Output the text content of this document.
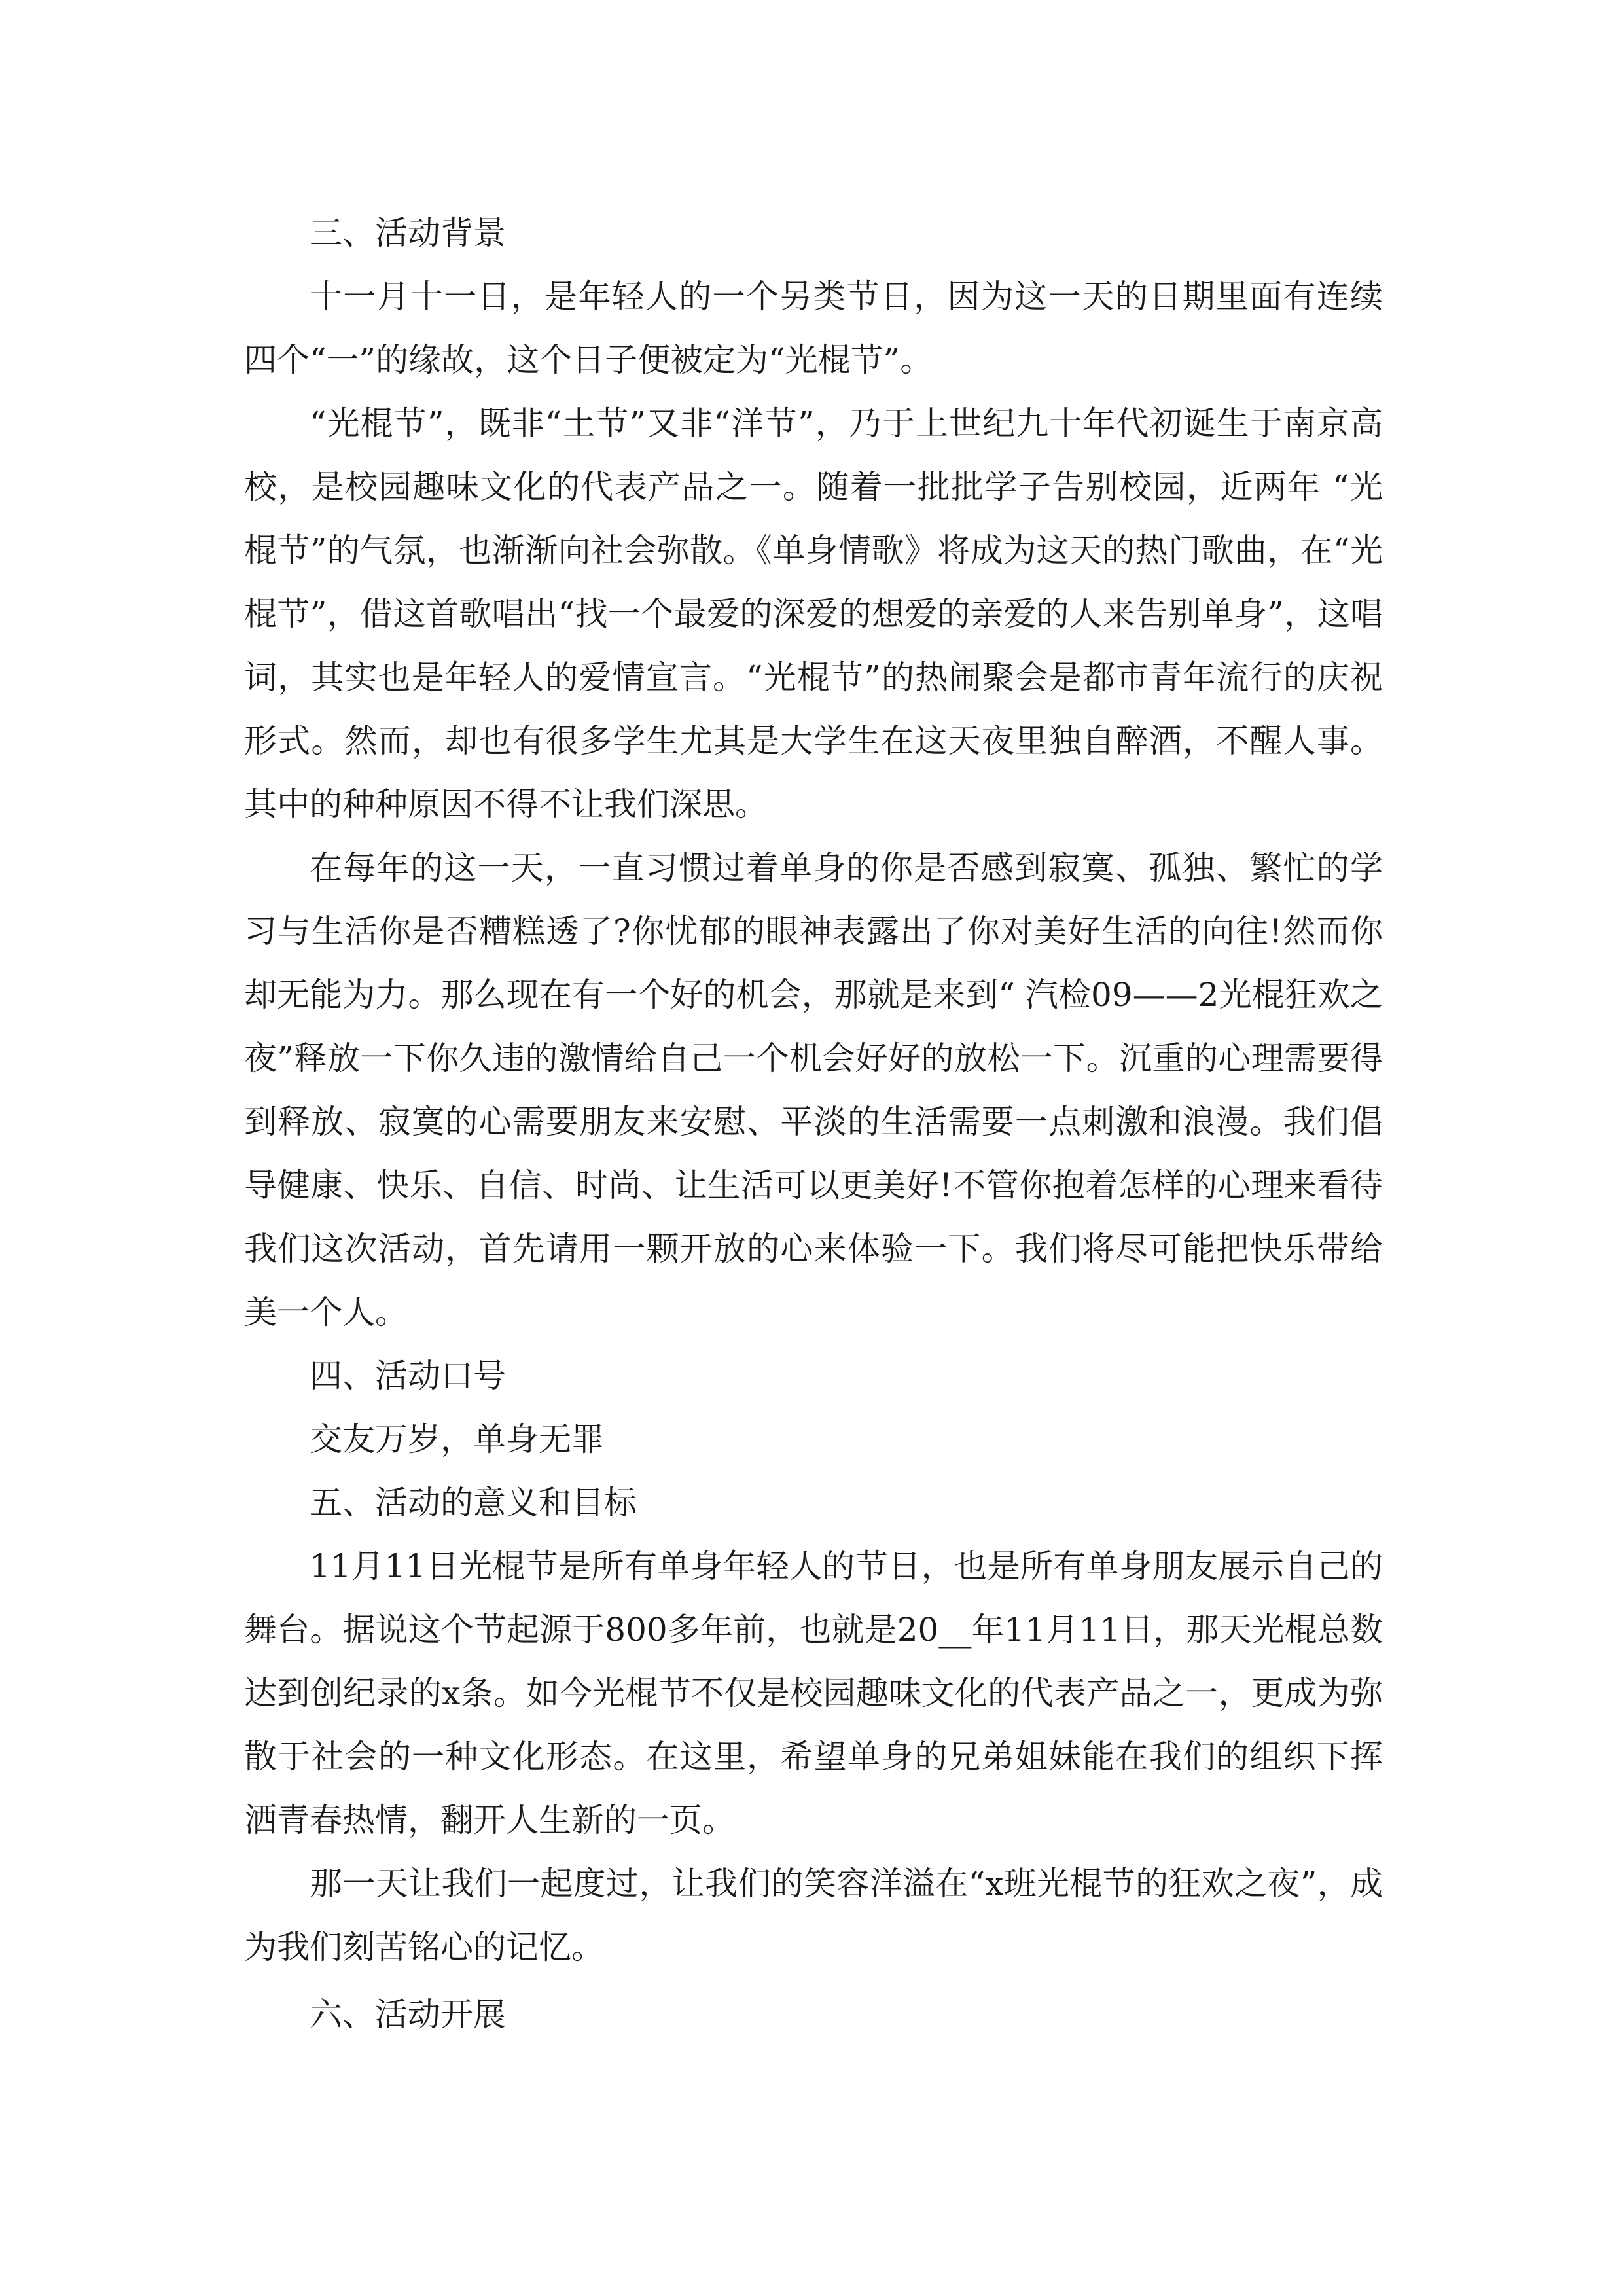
三、活动背景

十一月十一日，是年轻人的一个另类节日，因为这一天的日期里面有连续四个“一”的缘故，这个日子便被定为“光棍节”。

“光棍节”，既非“土节”又非“洋节”，乃于上世纪九十年代初诞生于南京高校，是校园趣味文化的代表产品之一。随着一批批学子告别校园，近两年 “光棍节”的气氛，也渐渐向社会弥散。《单身情歌》将成为这天的热门歌曲，在“光棍节”，借这首歌唱出“找一个最爱的深爱的想爱的亲爱的人来告别单身”，这唱词，其实也是年轻人的爱情宣言。“光棍节”的热闹聚会是都市青年流行的庆祝形式。然而，却也有很多学生尤其是大学生在这天夜里独自醉酒，不醒人事。其中的种种原因不得不让我们深思。

在每年的这一天，一直习惯过着单身的你是否感到寂寞、孤独、繁忙的学习与生活你是否糟糕透了?你忧郁的眼神表露出了你对美好生活的向往!然而你却无能为力。那么现在有一个好的机会，那就是来到“ 汽检09——2光棍狂欢之夜”释放一下你久违的激情给自己一个机会好好的放松一下。沉重的心理需要得到释放、寂寞的心需要朋友来安慰、平淡的生活需要一点刺激和浪漫。我们倡导健康、快乐、自信、时尚、让生活可以更美好!不管你抱着怎样的心理来看待我们这次活动，首先请用一颗开放的心来体验一下。我们将尽可能把快乐带给美一个人。

四、活动口号

交友万岁，单身无罪

五、活动的意义和目标

11月11日光棍节是所有单身年轻人的节日，也是所有单身朋友展示自己的舞台。据说这个节起源于800多年前，也就是20__年11月11日，那天光棍总数达到创纪录的x条。如今光棍节不仅是校园趣味文化的代表产品之一，更成为弥散于社会的一种文化形态。在这里，希望单身的兄弟姐妹能在我们的组织下挥洒青春热情，翻开人生新的一页。

那一天让我们一起度过，让我们的笑容洋溢在“x班光棍节的狂欢之夜”，成为我们刻苦铭心的记忆。

六、活动开展
